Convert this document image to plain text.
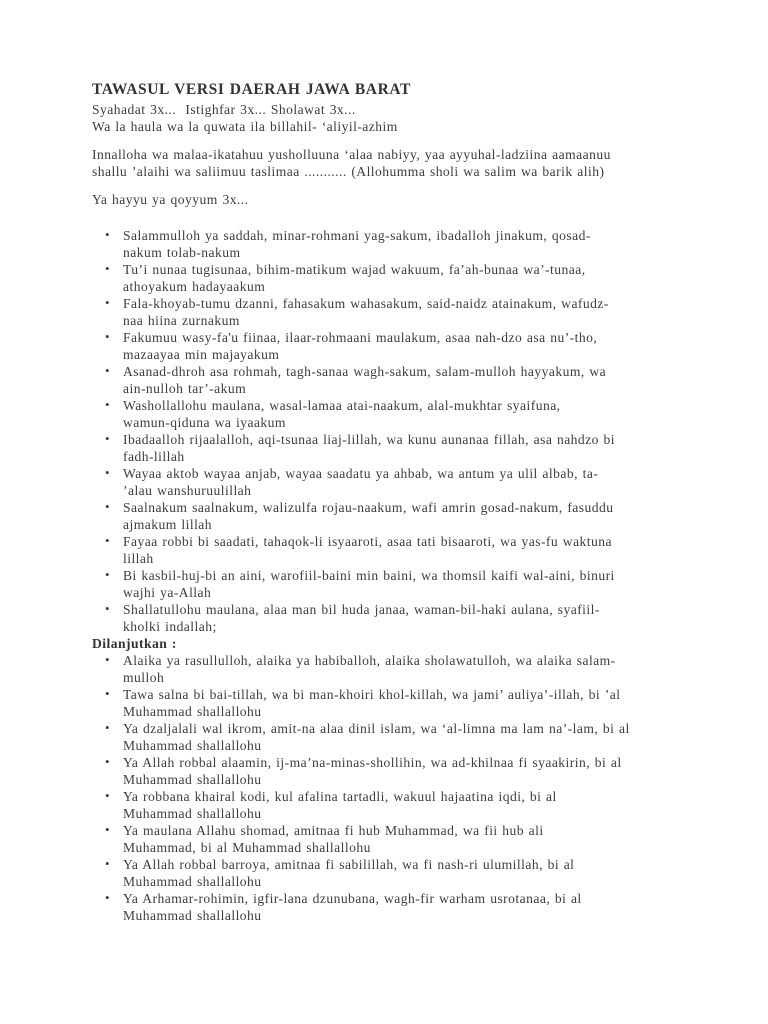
TAWASUL VERSI DAERAH JAWA BARAT
Syahadat 3x...  Istighfar 3x... Sholawat 3x...
Wa la haula wa la quwata ila billahil- ‘aliyil-azhim
Innalloha wa malaa-ikatahuu yusholluuna ‘alaa nabiyy, yaa ayyuhal-ladziina aamaanuu
shallu ’alaihi wa saliimuu taslimaa ........... (Allohumma sholi wa salim wa barik alih)
Ya hayyu ya qoyyum 3x...
• Salammulloh ya saddah, minar-rohmani yag-sakum, ibadalloh jinakum, qosad-
nakum tolab-nakum
• Tu’i nunaa tugisunaa, bihim-matikum wajad wakuum, fa’ah-bunaa wa’-tunaa,
athoyakum hadayaakum
• Fala-khoyab-tumu dzanni, fahasakum wahasakum, said-naidz atainakum, wafudz-
naa hiina zurnakum
• Fakumuu wasy-fa'u fiinaa, ilaar-rohmaani maulakum, asaa nah-dzo asa nu’-tho,
mazaayaa min majayakum
• Asanad-dhroh asa rohmah, tagh-sanaa wagh-sakum, salam-mulloh hayyakum, wa
ain-nulloh tar’-akum
• Washollallohu maulana, wasal-lamaa atai-naakum, alal-mukhtar syaifuna,
wamun-qiduna wa iyaakum
• Ibadaalloh rijaalalloh, aqi-tsunaa liaj-lillah, wa kunu aunanaa fillah, asa nahdzo bi
fadh-lillah
• Wayaa aktob wayaa anjab, wayaa saadatu ya ahbab, wa antum ya ulil albab, ta-
’alau wanshuruulillah
• Saalnakum saalnakum, walizulfa rojau-naakum, wafi amrin gosad-nakum, fasuddu
ajmakum lillah
• Fayaa robbi bi saadati, tahaqok-li isyaaroti, asaa tati bisaaroti, wa yas-fu waktuna
lillah
• Bi kasbil-huj-bi an aini, warofiil-baini min baini, wa thomsil kaifi wal-aini, binuri
wajhi ya-Allah
• Shallatullohu maulana, alaa man bil huda janaa, waman-bil-haki aulana, syafiil-
kholki indallah;
Dilanjutkan :
• Alaika ya rasullulloh, alaika ya habiballoh, alaika sholawatulloh, wa alaika salam-
mulloh
• Tawa salna bi bai-tillah, wa bi man-khoiri khol-killah, wa jami’ auliya’-illah, bi ’al
Muhammad shallallohu
• Ya dzaljalali wal ikrom, amit-na alaa dinil islam, wa ‘al-limna ma lam na’-lam, bi al
Muhammad shallallohu
• Ya Allah robbal alaamin, ij-ma’na-minas-shollihin, wa ad-khilnaa fi syaakirin, bi al
Muhammad shallallohu
• Ya robbana khairal kodi, kul afalina tartadli, wakuul hajaatina iqdi, bi al
Muhammad shallallohu
• Ya maulana Allahu shomad, amitnaa fi hub Muhammad, wa fii hub ali
Muhammad, bi al Muhammad shallallohu
• Ya Allah robbal barroya, amitnaa fi sabilillah, wa fi nash-ri ulumillah, bi al
Muhammad shallallohu
• Ya Arhamar-rohimin, igfir-lana dzunubana, wagh-fir warham usrotanaa, bi al
Muhammad shallallohu
